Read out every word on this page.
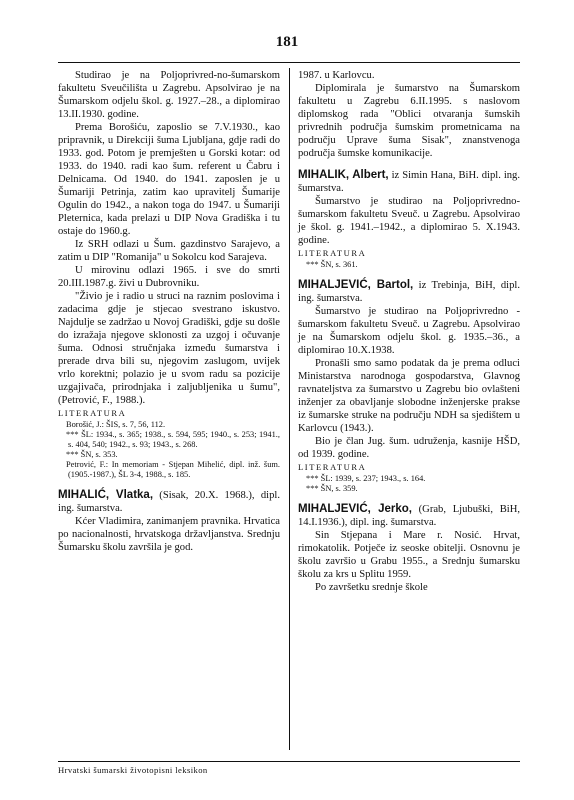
181

Studirao je na Poljoprivred-no-šumarskom fakultetu Sveučilišta u Zagrebu. Apsolvirao je na Šumarskom odjelu škol. g. 1927.–28., a diplomirao 13.II.1930. godine.

Prema Borošiću, zaposlio se 7.V.1930., kao pripravnik, u Direkciji šuma Ljubljana, gdje radi do 1933. god. Potom je premješten u Gorski kotar: od 1933. do 1940. radi kao šum. referent u Čabru i Delnicama. Od 1940. do 1941. zaposlen je u Šumariji Petrinja, zatim kao upravitelj Šumarije Ogulin do 1942., a nakon toga do 1947. u Šumariji Pleternica, kada prelazi u DIP Nova Gradiška i tu ostaje do 1960.g.

Iz SRH odlazi u Šum. gazdinstvo Sarajevo, a zatim u DIP "Romanija" u Sokolcu kod Sarajeva.

U mirovinu odlazi 1965. i sve do smrti 20.III.1987.g. živi u Dubrovniku.

"Živio je i radio u struci na raznim poslovima i zadacima gdje je stjecao svestrano iskustvo. Najdulje se zadržao u Novoj Gradiški, gdje su došle do izražaja njegove sklonosti za uzgoj i očuvanje šuma. Odnosi stručnjaka između šumarstva i prerade drva bili su, njegovim zaslugom, uvijek vrlo korektni; polazio je u svom radu sa pozicije uzgajivača, prirodnjaka i zaljubljenika u šumu", (Petrović, F., 1988.).

LITERATURA

Borošić, J.: ŠIS, s. 7, 56, 112.

*** ŠL: 1934., s. 365; 1938., s. 594, 595; 1940., s. 253; 1941., s. 404, 540; 1942., s. 93; 1943., s. 268.

*** ŠN, s. 353.

Petrović, F.: In memoriam - Stjepan Mihelić, dipl. inž. šum. (1905.-1987.), ŠL 3-4, 1988., s. 185.

MIHALIĆ, Vlatka, (Sisak, 20.X. 1968.), dipl. ing. šumarstva.

Kćer Vladimira, zanimanjem pravnika. Hrvatica po nacionalnosti, hrvatskoga državljanstva. Srednju Šumarsku školu završila je god.

1987. u Karlovcu.

Diplomirala je šumarstvo na Šumarskom fakultetu u Zagrebu 6.II.1995. s naslovom diplomskog rada "Oblici otvaranja šumskih privrednih područja šumskim prometnicama na području Uprave šuma Sisak", znanstvenoga područja šumske komunikacije.

MIHALIK, Albert, iz Simin Hana, BiH. dipl. ing. šumarstva.

Šumarstvo je studirao na Poljoprivredno-šumarskom fakultetu Sveuč. u Zagrebu. Apsolvirao je škol. g. 1941.–1942., a diplomirao 5. X.1943. godine.

LITERATURA

*** ŠN, s. 361.

MIHALJEVIĆ, Bartol, iz Trebinja, BiH, dipl. ing. šumarstva.

Šumarstvo je studirao na Poljoprivredno - šumarskom fakultetu Sveuč. u Zagrebu. Apsolvirao je na Šumarskom odjelu škol. g. 1935.–36., a diplomirao 10.X.1938.

Pronašli smo samo podatak da je prema odluci Ministarstva narodnoga gospodarstva, Glavnog ravnateljstva za šumarstvo u Zagrebu bio ovlašteni inženjer za obavljanje slobodne inženjerske prakse iz šumarske struke na području NDH sa sjedištem u Karlovcu (1943.).

Bio je član Jug. šum. udruženja, kasnije HŠD, od 1939. godine.

LITERATURA

*** ŠL: 1939, s. 237; 1943., s. 164.

*** ŠN, s. 359.

MIHALJEVIĆ, Jerko, (Grab, Ljubuški, BiH, 14.I.1936.), dipl. ing. šumarstva.

Sin Stjepana i Mare r. Nosić. Hrvat, rimokatolik. Potječe iz seoske obitelji. Osnovnu je školu završio u Grabu 1955., a Srednju šumarsku školu za krs u Splitu 1959.

Po završetku srednje škole

Hrvatski šumarski životopisni leksikon
